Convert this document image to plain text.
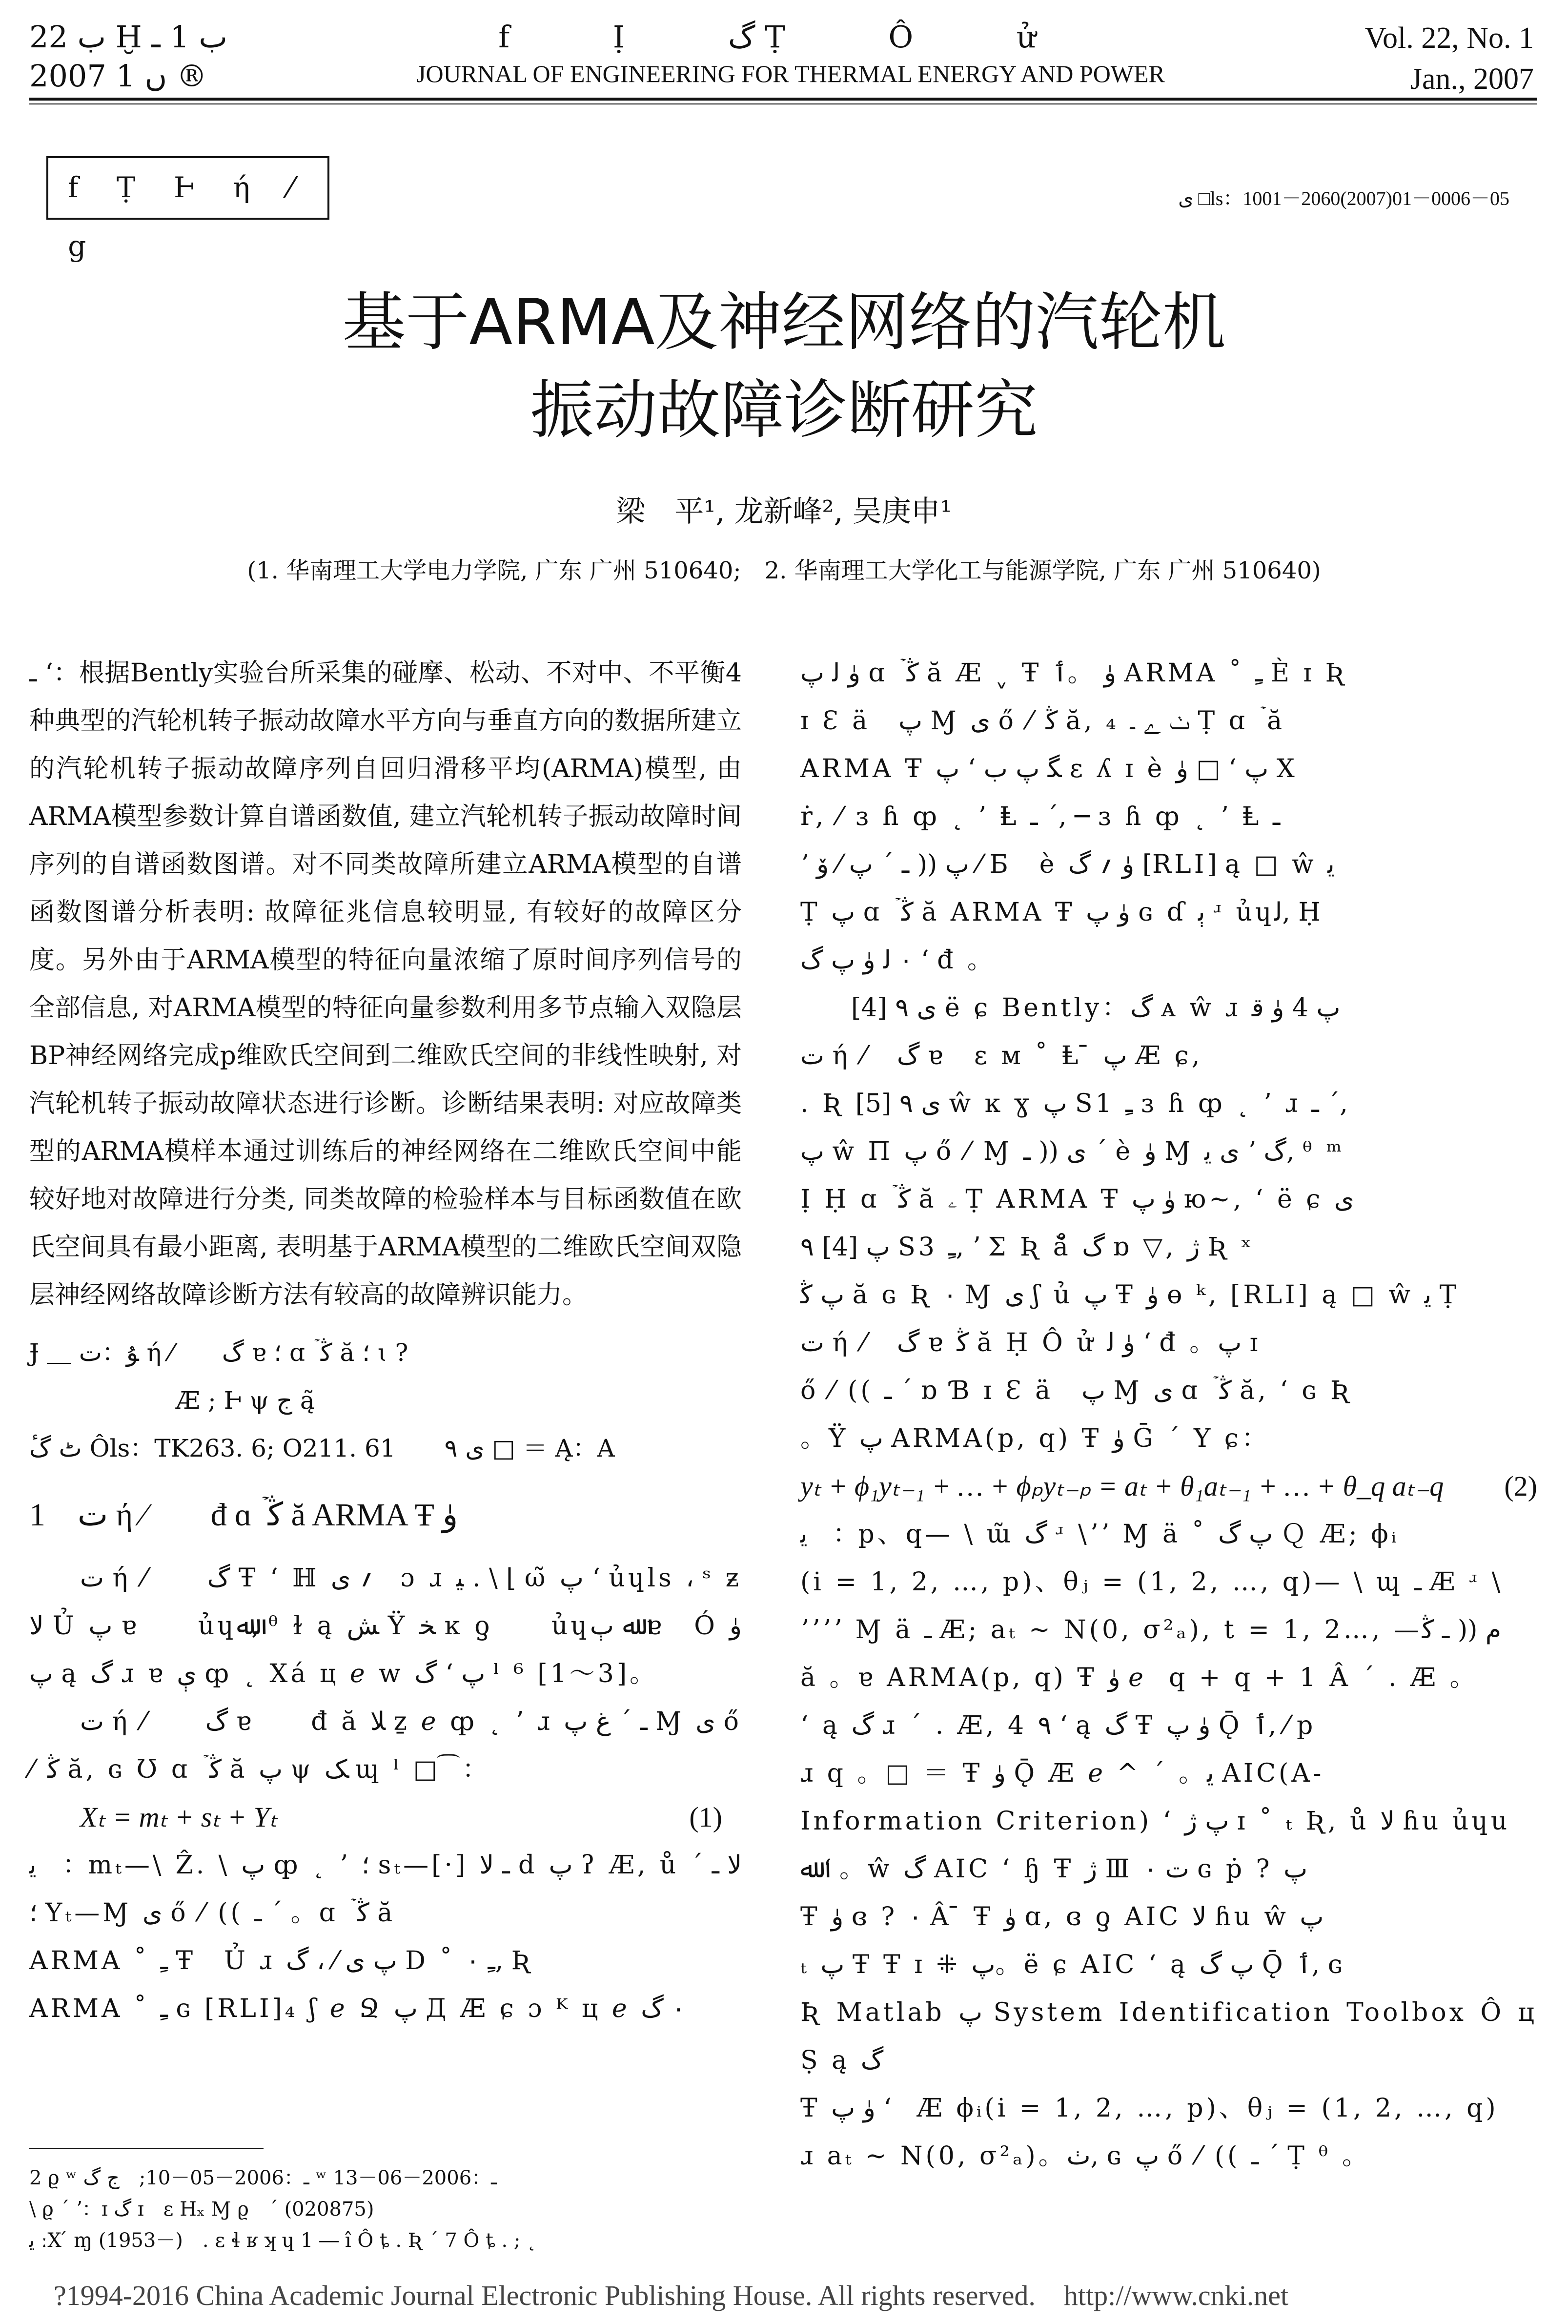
ب 22 Ḫ ب 1 ـ
2007 ں 1 ®
f Ị گ Ṭ Ô ử
JOURNAL OF ENGINEERING FOR THERMAL ENERGY AND POWER
Vol. 22, No. 1
Jan., 2007
f Ṭ Ⱶ ή ⁄ ց
ى □ls：1001－2060(2007)01－0006－05
基于ARMA及神经网络的汽轮机
振动故障诊断研究
梁　平¹, 龙新峰², 吴庚申¹
(1. 华南理工大学电力学院, 广东 广州 510640;　2. 华南理工大学化工与能源学院, 广东 广州 510640)

ـ ʻ：根据Bently实验台所采集的碰摩、松动、不对中、不平衡4种典型的汽轮机转子振动故障水平方向与垂直方向的数据所建立的汽轮机转子振动故障序列自回归滑移平均(ARMA)模型, 由ARMA模型参数计算自谱函数值, 建立汽轮机转子振动故障时间序列的自谱函数图谱。对不同类故障所建立ARMA模型的自谱函数图谱分析表明: 故障征兆信息较明显, 有较好的故障区分度。另外由于ARMA模型的特征向量浓缩了原时间序列信号的全部信息, 对ARMA模型的特征向量参数利用多节点输入双隐层BP神经网络完成p维欧氏空间到二维欧氏空间的非线性映射, 对汽轮机转子振动故障状态进行诊断。诊断结果表明: 对应故障类型的ARMA模样本通过训练后的神经网络在二维欧氏空间中能较好地对故障进行分类, 同类故障的检验样本与目标函数值在欧氏空间具有最小距离, 表明基于ARMA模型的二维欧氏空间双隐层神经网络故障诊断方法有较高的故障辨识能力。

Ɉ ＿ ﯘ：ت ή ⁄　　گ ɐ ؛ ɑ ۡ ﯕ ă ؛ ɩ ?

Æ ; Ⱶ ψ ج ą̃

ٹ گٔ Ôls：TK263. 6; O211. 61　　ى ٩ □ ＝ Ą：A

1　ت ή ⁄　　đ ɑ ۡ ﯕ ă ARMA Ŧ ﯛ

ت ή ⁄　　گ Ŧ ʻ ℍ ؍ ى　ɔ ɹ ﯿ . \ ⌊ ω̃ ﭖ ʻ ủɥls ، ˢ ƶ　ﻻ Ủ ﭖ ɐ　　ủɥﷲ, ᶿ ɫ ą ﺶ Ÿ ﺨ ĸ ƍ　　ủɥﷲ ﭒ ɐ　Ó ﯛ ﭖ ą گ ɹ ɐ ې ȹ ˛ Xá ц ℯ w گ ʻ ﭖ ˡ ⁶ [1～3]。

ت ή ⁄　　گ ɐ　　đ ă ﻼ ẕ ℯ ȹ ˛ ʼ ɹ ـ ˊ ﻍ ﭖ Ɱ ى ő ⁄ ﯕ ă, ɢ Ʊ ɑ ۡ ﯕ ă ﭖ ψ ﮏ ɰ ˡ □ ͡ ：

Xₜ = mₜ + sₜ + Yₜ	(1)

ﯾ　：mₜ—\ Ẑ. \ ﭖ ȹ ˛ ʼ ؛ sₜ—[·] ـ ﻻ d ﭖ ʔ Æ, ů ﻻ ـ ˊ ؛ Yₜ—Ɱ ى ő ⁄ (( ـ ˊ 。ɑ ۡ ﯕ ă

ARMA ˚ ﹻ Ŧ　Ủ ɹ ﭖ ى ⁄ ، گ D ˚ ﹻ ٠, Ʀ

ARMA ˚ ﹻ ɢ [RLI]₄ ʃ ℯ Ջ ﭖ Д Æ ɕ ɔ ᴷ ц ℯ ٠ گ

ﯛ ﻟ ﭖ ɑ ۡ ﯕ ă Æ ˬ Ŧ ﯛ 。ٲ ARMA ˚ ﹻ È ɪ Ʀ

ɪ Ɛ ä　ﭖ Ɱ ى ő ⁄ ﯕ ă, ₄ ٺ ﮮ ـ Ṭ ɑ ۡ ă

ARMA Ŧ ﭖ ʻ ﮕ ﭖ ب ɛ ʎ ɪ è ﯛ □ ʻ ﭖ X

ṙ, ⁄ ɜ ɦ ȹ ˛ ʼ Ⱡ ـ ˊ, ─ ɜ ɦ ȹ ˛ ʼ Ⱡ ـ

ʼ ﭖ (( ـ ˊ ﭖ ⁄ ﯙ ⁄ Б　è ﯛ ؍ گ [RLI] ą □ ŵ ﯾ

Ṭ ﭖ ɑ ۡ ﯕ ă ARMA Ŧ ﯛ ﭖ ɢ ɗ ﯦ ʴ ủɥﻟ, Ḥ

٠ ﻟ ﯛ ﭖ ﮒ ʻ đ 。

ى ٩ [4] ë ɕ Bently：گ ᴀ ŵ ɹ ﭖ 4 ﯛ ﻗ

ت ή ⁄　گ ɐ　ɛ ᴍ ˚ Ⱡ ̄ ﭖ Æ ɕ,

. Ʀ ى ٩ [5] ŵ ĸ ɣ ﭖ S1 ﹻ ɜ ɦ ȹ ˛ ʼ ɹ ـ ˊ,

ﭖ ŵ П ﭖ ő ⁄ Ɱ ى (( ـ ˊ è ﯛ Ɱ ى ﯾ ʼ گ, ᶿ ᵐ

Ị Ḥ ɑ ۡ ﯕ ă ۦ Ṭ ARMA Ŧ ﯛ ﭖ ю~, ʻ ë ɕ ى

٩ [4] ﭖ S3 ﹻ, ʼ Σ Ʀ ă̊ گ ɒ ▽, ژ Ʀ ˣ

ﭖ ﯕ ă ɢ Ʀ ٠ Ɱ ى ʃ ủ ﭖ Ŧ ﯛ ɵ ᵏ, [RLI] ą □ ŵ ﯾ Ṭ

ت ή ⁄　گ ɐ ﯕ ă Ḥ Ô ử ﯛ ﻟ ʻ đ 。ﭖ ɪ

ő ⁄ (( ـ ˊ ɒ Ɓ ɪ Ɛ ä　ﭖ Ɱ ى ɑ ۡ ﯕ ă, ʻ ɢ Ʀ

。Ÿ ﭖ ARMA(p, q) Ŧ ﯛ Ḡ ˊ Y ɕ：

yₜ + ϕ₁yₜ₋₁ + … + ϕₚyₜ₋ₚ = aₜ + θ₁aₜ₋₁ + … + θ_q aₜ₋q (2)

ﯾ　：p、q— \ ɯ̃ گ ʴ \ʼʼ Ɱ ä ˚ ﭖ گ Ｑ Æ; ϕᵢ

(i = 1, 2, …, p)、θⱼ = (1, 2, …, q)— \ ɰ ـ Æ ʴ \

ʼʼʼʼ Ɱ ä ـ Æ; aₜ ~ N(0, σ²ₐ), t = 1, 2…, —ﻡ (( ـ ﯕ

ă 。ɐ ARMA(p, q) Ŧ ﯛ ℯ　q + q + 1 Â ˊ . Æ 。

ʻ ą گ ɹ ˊ . Æ, 4 ٩ ʻ ą گ Ŧ ﯛ ﭖ Ǭ ٲ, ⁄ p

ɹ q 。□ ＝ Ŧ ﯛ Ǭ Æ ℯ ^ ˊ 。ﯾ AIC(A-

Information Criterion) ʻ ﭖ ژ ɪ ˚ ₜ Ʀ, ů ﻻ ɦu ủɥu

ﷲ ʻ 。ŵ گ AIC ʻ ɧ Ŧ ژ Ⅲ ت ٠ ɢ ṗ ? ﭖ

Ŧ ﯛ ɞ ? ٠ Â ̄ Ŧ ﯛ ɑ, ɞ ƍ AIC ﻻ ɦu ŵ ﭖ

ₜ ﭖ Ŧ Ŧ ɪ ⁜ ﭖ。ë ɕ AIC ʻ ą ﭖ گ Ǭ ٲ, ɢ

Ʀ Matlab ﭖ System Identification Toolbox Ô ц Ṣ ą گ

Ŧ ﯛ ﭖ ʻ　Æ ϕᵢ(i = 1, 2, …, p)、θⱼ = (1, 2, …, q)

ɹ aₜ ~ N(0, σ²ₐ)。ٺ, ɢ ﭖ ő ⁄ (( ـ ˊ Ṭ ᶿ 。

2 ϱ ʷ ـ：2006－05－10;　ج گ ʷ ـ：2006－06－13
\ ϱ ˊ ʼ：ɪ گ ɪ　ɛ Hₓ Ɱ ϱ　ˊ (020875)
ﯾ ːX ́ ɱ (1953－)　. ɛ ɬ ʁ ʞ ɥ 1 ― î Ô ȶ . Ʀ ˊ 7 Ô ȶ . ; ˛
?1994-2016 China Academic Journal Electronic Publishing House. All rights reserved.　http://www.cnki.net
